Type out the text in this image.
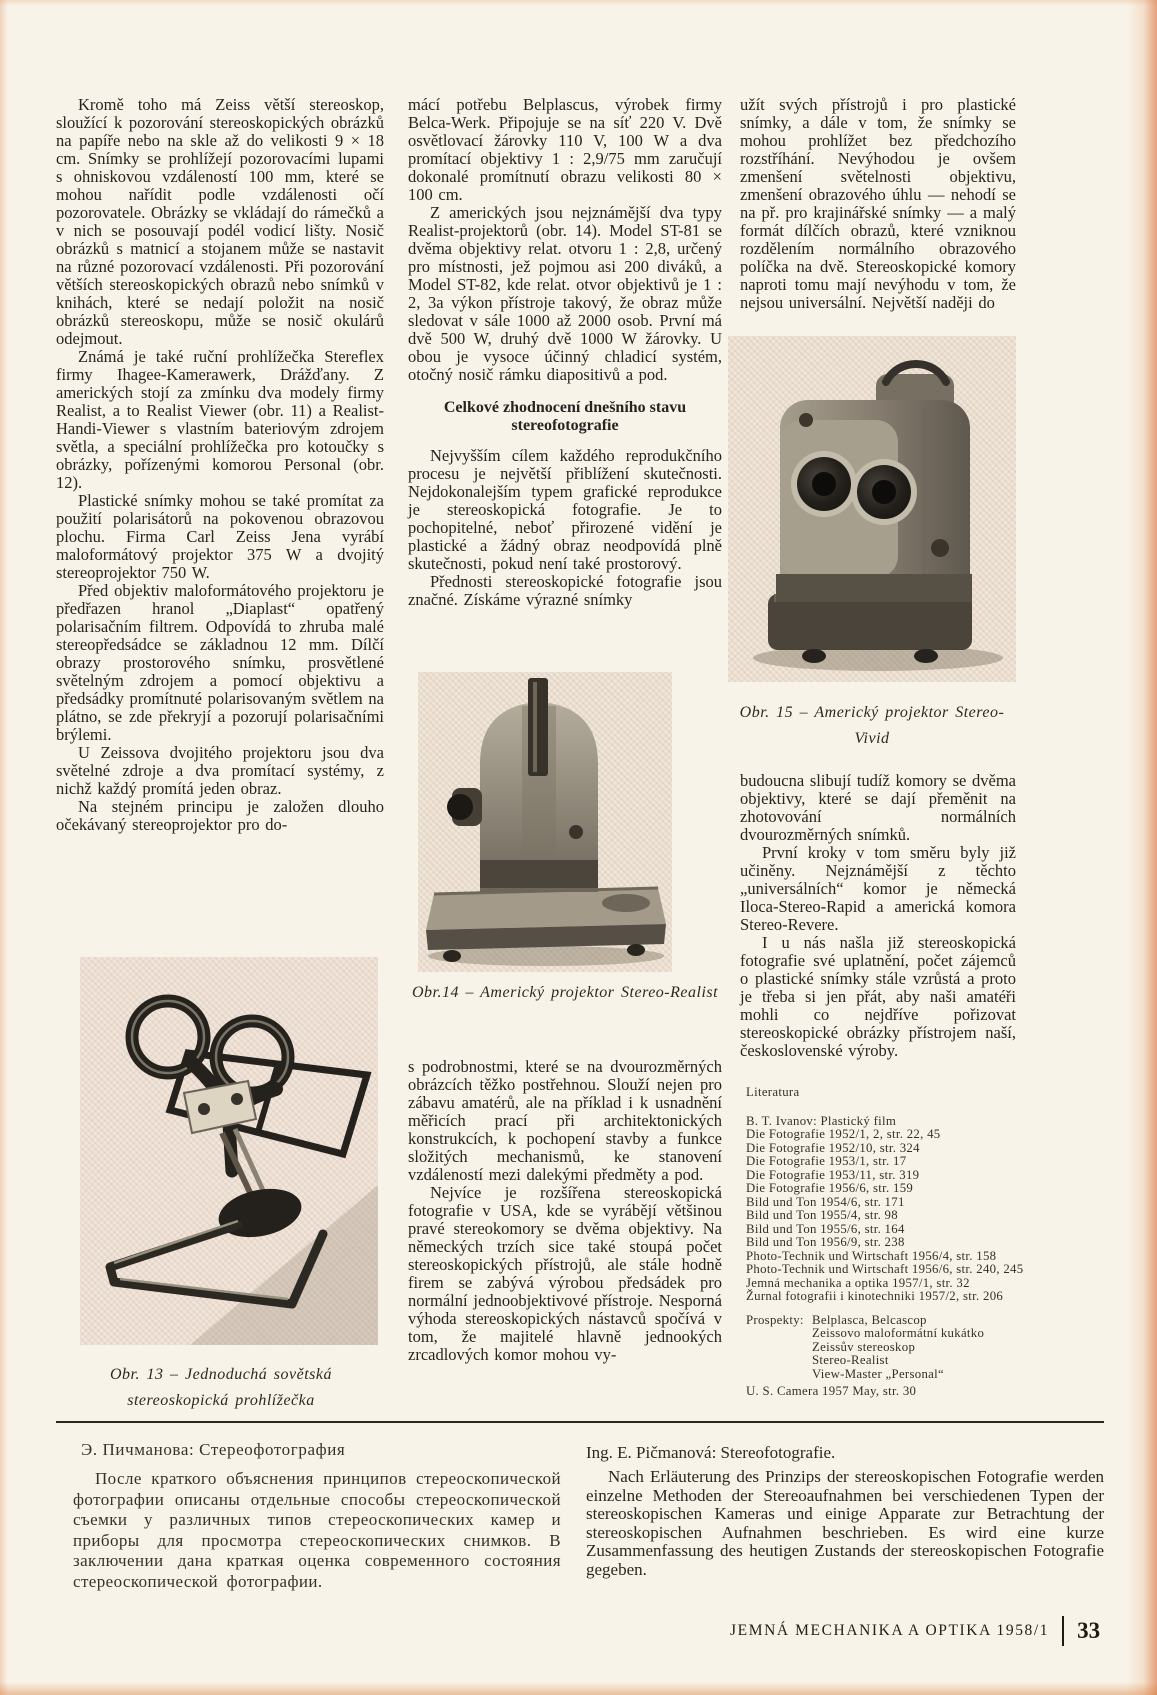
Kromě toho má Zeiss větší stereoskop, sloužící k pozorování stereoskopických obrázků na papíře nebo na skle až do velikosti 9 × 18 cm. Snímky se prohlížejí pozorovacími lupami s ohniskovou vzdáleností 100 mm, které se mohou nařídit podle vzdálenosti očí pozorovatele. Obrázky se vkládají do rámečků a v nich se posouvají podél vodicí lišty. Nosič obrázků s matnicí a stojanem může se nastavit na různé pozorovací vzdálenosti. Při pozorování větších stereoskopických obrazů nebo snímků v knihách, které se nedají položit na nosič obrázků stereoskopu, může se nosič okulárů odejmout.

Známá je také ruční prohlížečka Stereflex firmy Ihagee-Kamerawerk, Drážďany. Z amerických stojí za zmínku dva modely firmy Realist, a to Realist Viewer (obr. 11) a Realist-Handi-Viewer s vlastním bateriovým zdrojem světla, a speciální prohlížečka pro kotoučky s obrázky, pořízenými komorou Personal (obr. 12).

Plastické snímky mohou se také promítat za použití polarisátorů na pokovenou obrazovou plochu. Firma Carl Zeiss Jena vyrábí maloformátový projektor 375 W a dvojitý stereoprojektor 750 W.

Před objektiv maloformátového projektoru je předřazen hranol „Diaplast“ opatřený polarisačním filtrem. Odpovídá to zhruba malé stereopředsádce se základnou 12 mm. Dílčí obrazy prostorového snímku, prosvětlené světelným zdrojem a pomocí objektivu a předsádky promítnuté polarisovaným světlem na plátno, se zde překryjí a pozorují polarisačními brýlemi.

U Zeissova dvojitého projektoru jsou dva světelné zdroje a dva promítací systémy, z nichž každý promítá jeden obraz.

Na stejném principu je založen dlouho očekávaný stereoprojektor pro do-

Obr. 13 – Jednoduchá sovětská stereoskopická prohlížečka

mácí potřebu Belplascus, výrobek firmy Belca-Werk. Připojuje se na síť 220 V. Dvě osvětlovací žárovky 110 V, 100 W a dva promítací objektivy 1 : 2,9/75 mm zaručují dokonalé promítnutí obrazu velikosti 80 × 100 cm.

Z amerických jsou nejznámější dva typy Realist-projektorů (obr. 14). Model ST-81 se dvěma objektivy relat. otvoru 1 : 2,8, určený pro místnosti, jež pojmou asi 200 diváků, a Model ST-82, kde relat. otvor objektivů je 1 : 2, 3a výkon přístroje takový, že obraz může sledovat v sále 1000 až 2000 osob. První má dvě 500 W, druhý dvě 1000 W žárovky. U obou je vysoce účinný chladicí systém, otočný nosič rámku diapositivů a pod.

Celkové zhodnocení dnešního stavu stereofotografie

Nejvyšším cílem každého reprodukčního procesu je největší přiblížení skutečnosti. Nejdokonalejším typem grafické reprodukce je stereoskopická fotografie. Je to pochopitelné, neboť přirozené vidění je plastické a žádný obraz neodpovídá plně skutečnosti, pokud není také prostorový.

Přednosti stereoskopické fotografie jsou značné. Získáme výrazné snímky

Obr.14 – Americký projektor Stereo-Realist

s podrobnostmi, které se na dvourozměrných obrázcích těžko postřehnou. Slouží nejen pro zábavu amatérů, ale na příklad i k usnadnění měřicích prací při architektonických konstrukcích, k pochopení stavby a funkce složitých mechanismů, ke stanovení vzdáleností mezi dalekými předměty a pod.

Nejvíce je rozšířena stereoskopická fotografie v USA, kde se vyrábějí většinou pravé stereokomory se dvěma objektivy. Na německých trzích sice také stoupá počet stereoskopických přístrojů, ale stále hodně firem se zabývá výrobou předsádek pro normální jednoobjektivové přístroje. Nesporná výhoda stereoskopických nástavců spočívá v tom, že majitelé hlavně jednookých zrcadlových komor mohou vy-

užít svých přístrojů i pro plastické snímky, a dále v tom, že snímky se mohou prohlížet bez předchozího rozstříhání. Nevýhodou je ovšem zmenšení světelnosti objektivu, zmenšení obrazového úhlu — nehodí se na př. pro krajinářské snímky — a malý formát dílčích obrazů, které vzniknou rozdělením normálního obrazového políčka na dvě. Stereoskopické komory naproti tomu mají nevýhodu v tom, že nejsou universální. Největší naději do

Obr. 15 – Americký projektor Stereo-Vivid

budoucna slibují tudíž komory se dvěma objektivy, které se dají přeměnit na zhotovování normálních dvourozměrných snímků.

První kroky v tom směru byly již učiněny. Nejznámější z těchto „universálních“ komor je německá Iloca-Stereo-Rapid a americká komora Stereo-Revere.

I u nás našla již stereoskopická fotografie své uplatnění, počet zájemců o plastické snímky stále vzrůstá a proto je třeba si jen přát, aby naši amatéři mohli co nejdříve pořizovat stereoskopické obrázky přístrojem naší, československé výroby.

Literatura
B. T. Ivanov: Plastický film
Die Fotografie 1952/1, 2, str. 22, 45
Die Fotografie 1952/10, str. 324
Die Fotografie 1953/1, str. 17
Die Fotografie 1953/11, str. 319
Die Fotografie 1956/6, str. 159
Bild und Ton 1954/6, str. 171
Bild und Ton 1955/4, str. 98
Bild und Ton 1955/6, str. 164
Bild und Ton 1956/9, str. 238
Photo-Technik und Wirtschaft 1956/4, str. 158
Photo-Technik und Wirtschaft 1956/6, str. 240, 245
Jemná mechanika a optika 1957/1, str. 32
Žurnal fotografii i kinotechniki 1957/2, str. 206
Prospekty: Belplasca, Belcascop
Zeissovo maloformátní kukátko
Zeissův stereoskop
Stereo-Realist
View-Master „Personal“
U. S. Camera 1957 May, str. 30
Э. Пичманова: Стереофотография
После краткого объяснения принципов стереоскопической фотографии описаны отдельные способы стереоскопической съемки у различных типов стереоскопических камер и приборы для просмотра стереоскопических снимков. В заключении дана краткая оценка современного состояния стереоскопической фотографии.
Ing. E. Pičmanová: Stereofotografie.
Nach Erläuterung des Prinzips der stereoskopischen Fotografie werden einzelne Methoden der Stereoaufnahmen bei verschiedenen Typen der stereoskopischen Kameras und einige Apparate zur Betrachtung der stereoskopischen Aufnahmen beschrieben. Es wird eine kurze Zusammenfassung des heutigen Zustands der stereoskopischen Fotografie gegeben.
JEMNÁ MECHANIKA A OPTIKA 1958/1 33
